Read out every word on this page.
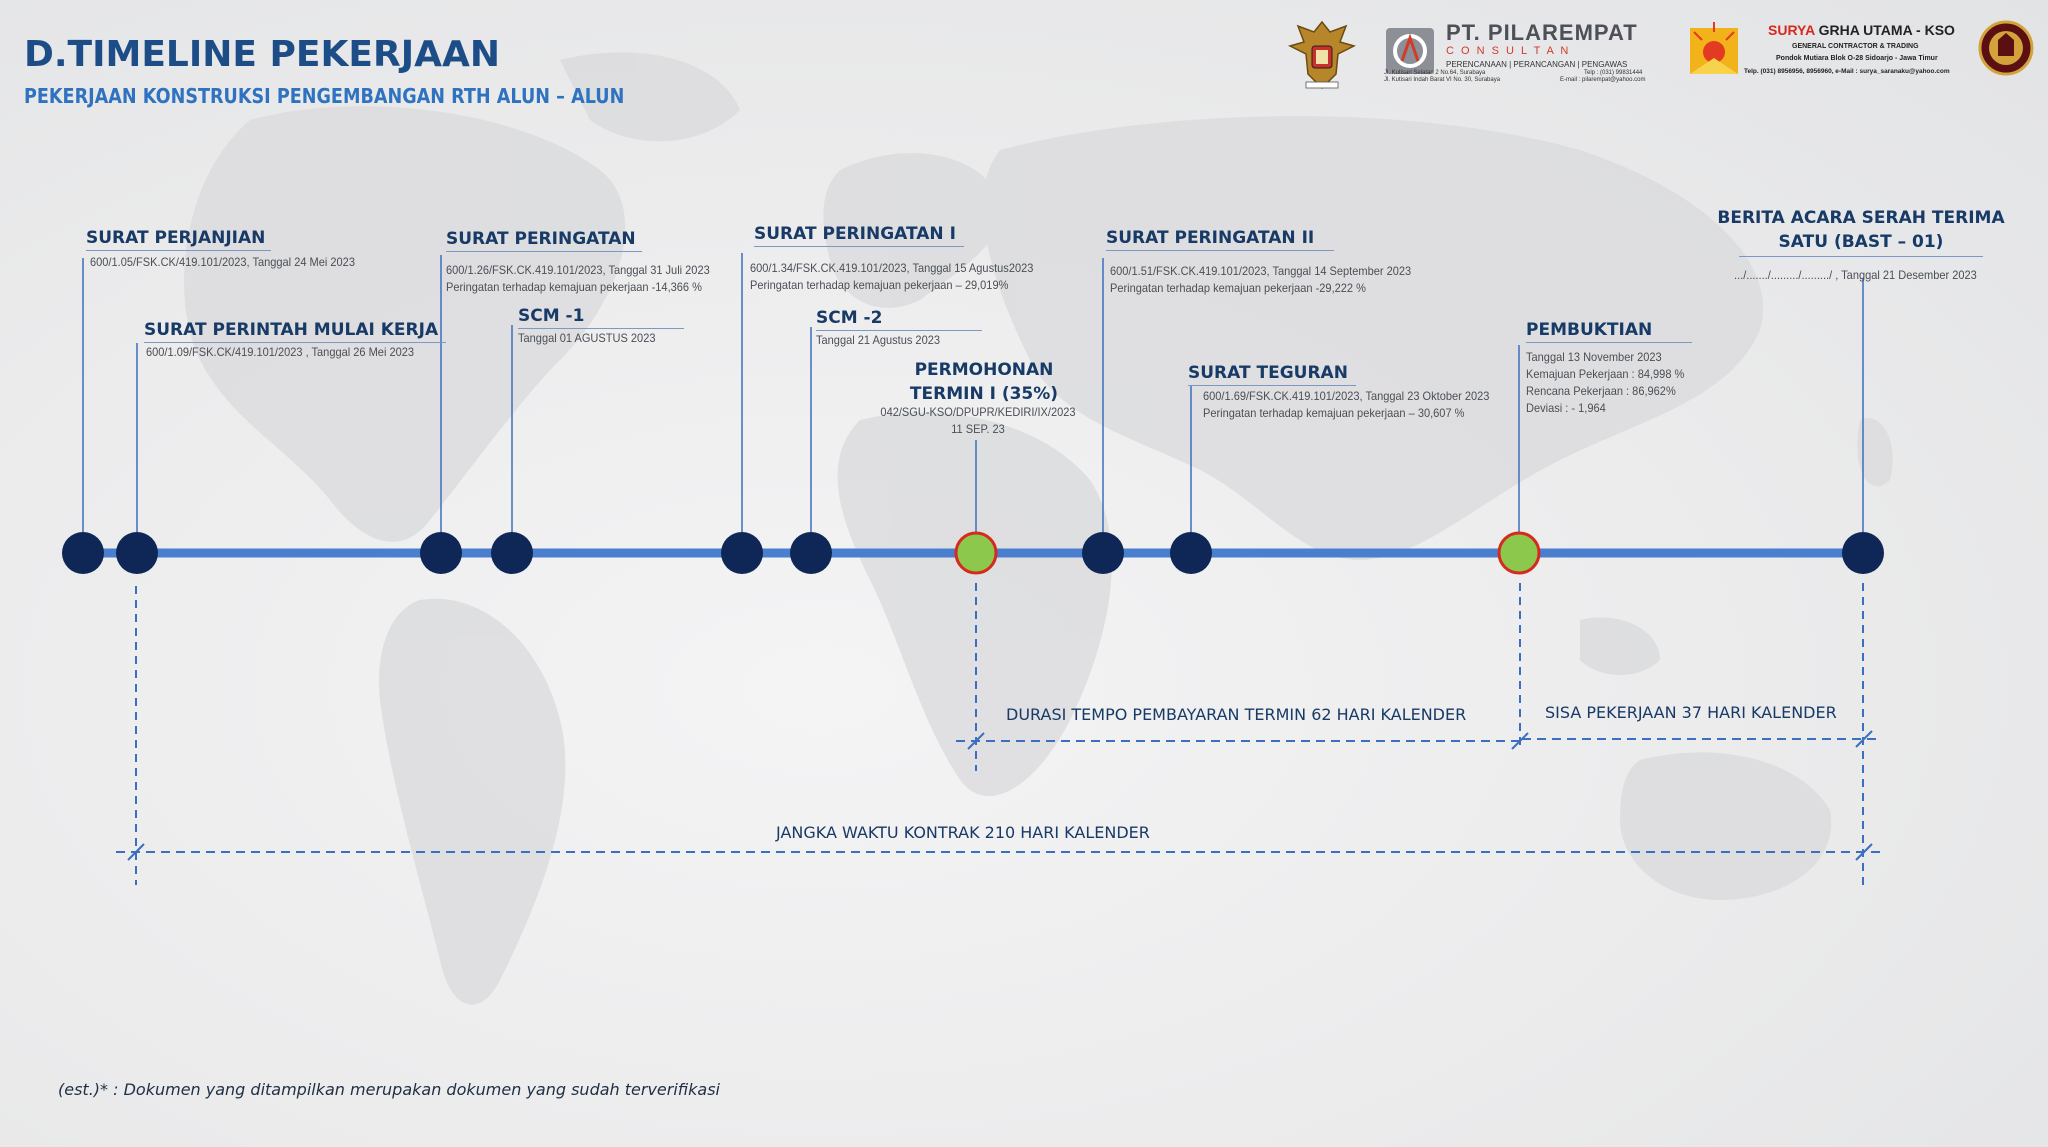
D.TIMELINE PEKERJAAN
PEKERJAAN KONSTRUKSI PENGEMBANGAN RTH ALUN – ALUN
PT. PILAREMPAT
C O N S U L T A N
PERENCANAAN | PERANCANGAN | PENGAWAS
Jl. Kutisari Selatan 2 No.64, Surabaya
Jl. Kutisari Indah Barat VI No. 30, Surabaya
Telp : (031) 99831444
E-mail : pilarempat@yahoo.com
SURYA GRHA UTAMA - KSO
GENERAL CONTRACTOR & TRADING
Pondok Mutiara Blok O-28 Sidoarjo - Jawa Timur
Telp. (031) 8956956, 8956960, e-Mail : surya_saranaku@yahoo.com
SURAT PERJANJIAN
600/1.05/FSK.CK/419.101/2023, Tanggal 24 Mei 2023
SURAT PERINTAH MULAI KERJA
600/1.09/FSK.CK/419.101/2023 , Tanggal 26 Mei 2023
SURAT PERINGATAN
600/1.26/FSK.CK.419.101/2023, Tanggal 31 Juli 2023
Peringatan terhadap kemajuan pekerjaan -14,366 %
SCM -1
Tanggal 01 AGUSTUS 2023
SURAT PERINGATAN I
600/1.34/FSK.CK.419.101/2023, Tanggal 15 Agustus2023
Peringatan terhadap kemajuan pekerjaan – 29,019%
SCM -2
Tanggal 21 Agustus 2023
PERMOHONAN
TERMIN I (35%)
042/SGU-KSO/DPUPR/KEDIRI/IX/2023
11 SEP. 23
SURAT PERINGATAN II
600/1.51/FSK.CK.419.101/2023, Tanggal 14 September 2023
Peringatan terhadap kemajuan pekerjaan -29,222 %
SURAT TEGURAN
600/1.69/FSK.CK.419.101/2023, Tanggal 23 Oktober 2023
Peringatan terhadap kemajuan pekerjaan – 30,607 %
PEMBUKTIAN
Tanggal 13 November 2023
Kemajuan Pekerjaan : 84,998 %
Rencana Pekerjaan : 86,962%
Deviasi : - 1,964
BERITA ACARA SERAH TERIMA
SATU (BAST – 01)
.../......./........./........./ , Tanggal 21 Desember 2023
DURASI TEMPO PEMBAYARAN TERMIN 62 HARI KALENDER	SISA PEKERJAAN 37 HARI KALENDER
JANGKA WAKTU KONTRAK 210 HARI KALENDER
(est.)* : Dokumen yang ditampilkan merupakan dokumen yang sudah terverifikasi
